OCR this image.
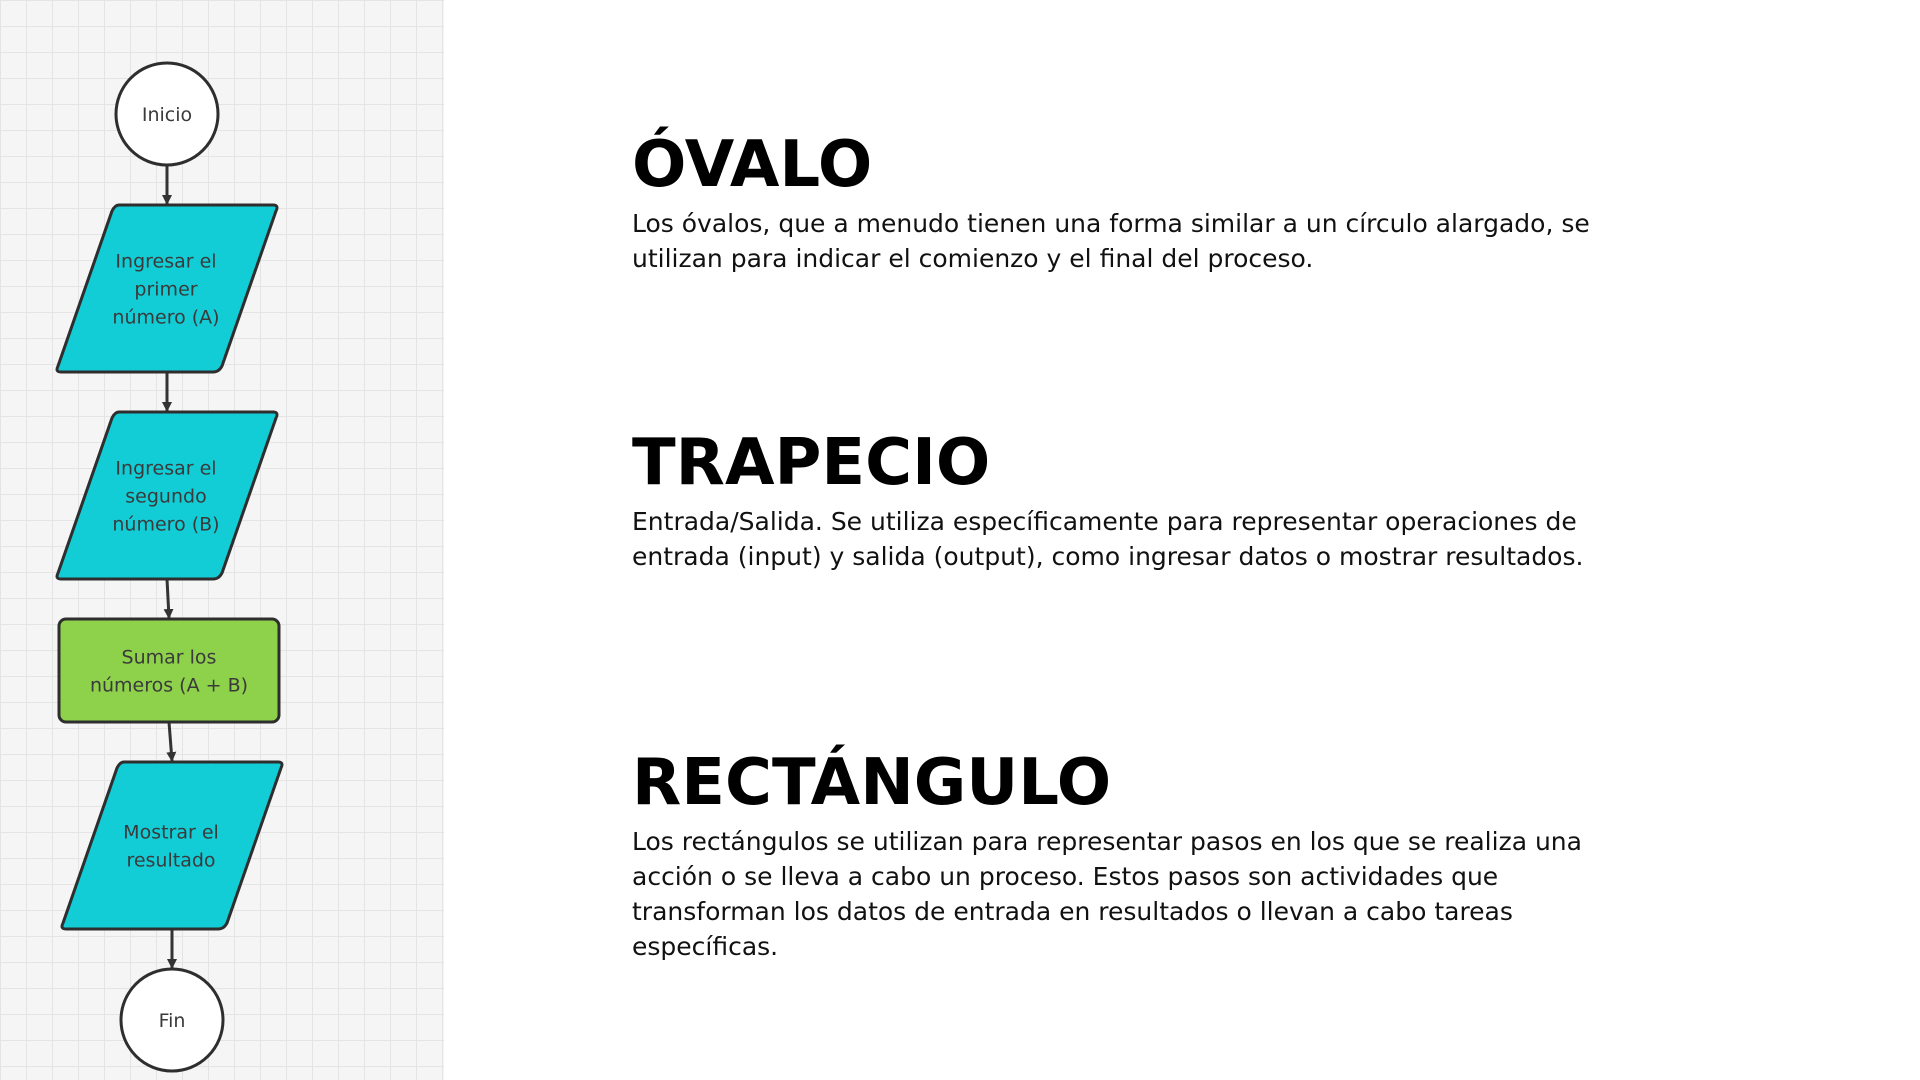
Inicio
Ingresar el
primer
número (A)
Ingresar el
segundo
número (B)
Sumar los
números (A + B)
Mostrar el
resultado
Fin
ÓVALO

Los óvalos, que a menudo tienen una forma similar a un círculo alargado, se utilizan para indicar el comienzo y el final del proceso.

TRAPECIO

Entrada/Salida. Se utiliza específicamente para representar operaciones de entrada (input) y salida (output), como ingresar datos o mostrar resultados.

RECTÁNGULO

Los rectángulos se utilizan para representar pasos en los que se realiza una acción o se lleva a cabo un proceso. Estos pasos son actividades que transforman los datos de entrada en resultados o llevan a cabo tareas específicas.
